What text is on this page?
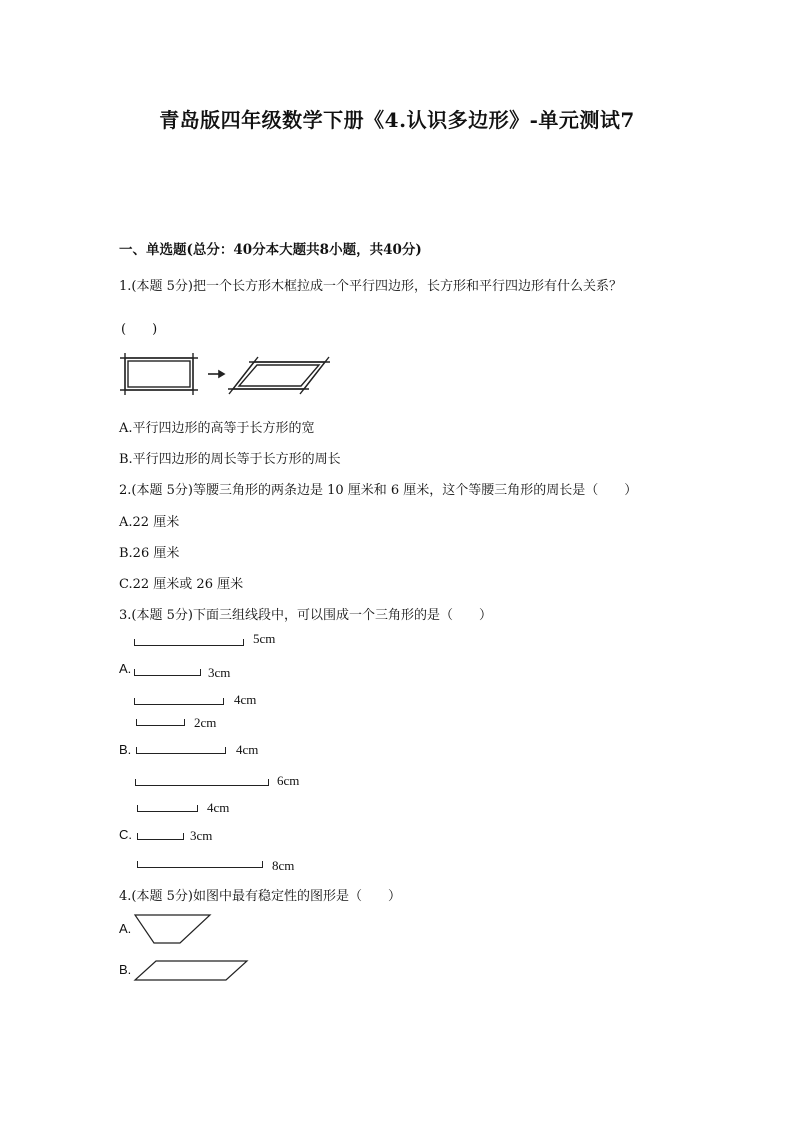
青岛版四年级数学下册《4.认识多边形》-单元测试7
一、单选题(总分：40分本大题共8小题，共40分)
1.(本题 5分)把一个长方形木框拉成一个平行四边形，长方形和平行四边形有什么关系？
(　　)
A.平行四边形的高等于长方形的宽
B.平行四边形的周长等于长方形的周长
2.(本题 5分)等腰三角形的两条边是 10 厘米和 6 厘米，这个等腰三角形的周长是（　　）
A.22 厘米
B.26 厘米
C.22 厘米或 26 厘米
3.(本题 5分)下面三组线段中，可以围成一个三角形的是（　　）
5cm
A.	3cm
4cm
2cm
B.	4cm
6cm
4cm
C.	3cm
8cm
4.(本题 5分)如图中最有稳定性的图形是（　　）
A.
B.
